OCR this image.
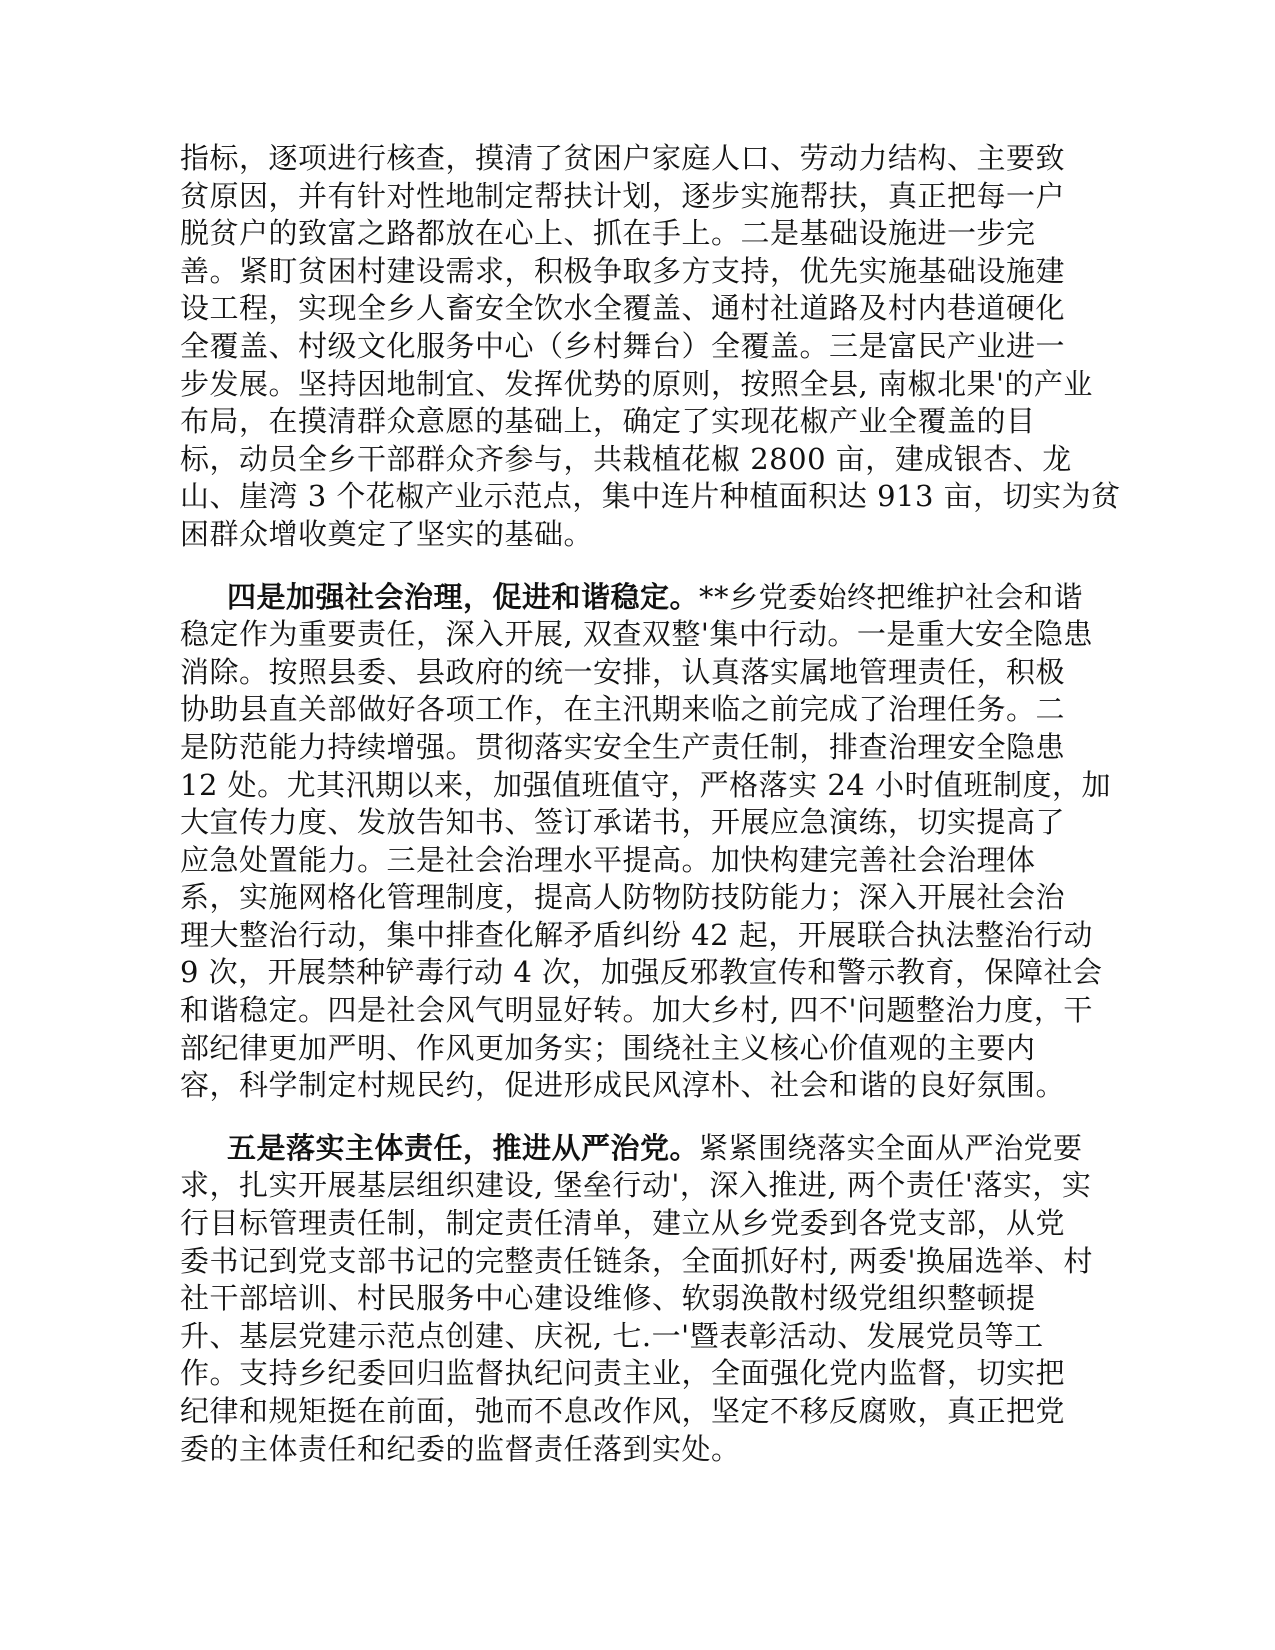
指标，逐项进行核查，摸清了贫困户家庭人口、劳动力结构、主要致
贫原因，并有针对性地制定帮扶计划，逐步实施帮扶，真正把每一户
脱贫户的致富之路都放在心上、抓在手上。二是基础设施进一步完
善。紧盯贫困村建设需求，积极争取多方支持，优先实施基础设施建
设工程，实现全乡人畜安全饮水全覆盖、通村社道路及村内巷道硬化
全覆盖、村级文化服务中心（乡村舞台）全覆盖。三是富民产业进一
步发展。坚持因地制宜、发挥优势的原则，按照全县, 南椒北果'的产业
布局，在摸清群众意愿的基础上，确定了实现花椒产业全覆盖的目
标，动员全乡干部群众齐参与，共栽植花椒 2800 亩，建成银杏、龙
山、崖湾 3 个花椒产业示范点，集中连片种植面积达 913 亩，切实为贫
困群众增收奠定了坚实的基础。

四是加强社会治理，促进和谐稳定。**乡党委始终把维护社会和谐
稳定作为重要责任，深入开展, 双查双整'集中行动。一是重大安全隐患
消除。按照县委、县政府的统一安排，认真落实属地管理责任，积极
协助县直关部做好各项工作，在主汛期来临之前完成了治理任务。二
是防范能力持续增强。贯彻落实安全生产责任制，排查治理安全隐患
12 处。尤其汛期以来，加强值班值守，严格落实 24 小时值班制度，加
大宣传力度、发放告知书、签订承诺书，开展应急演练，切实提高了
应急处置能力。三是社会治理水平提高。加快构建完善社会治理体
系，实施网格化管理制度，提高人防物防技防能力；深入开展社会治
理大整治行动，集中排查化解矛盾纠纷 42 起，开展联合执法整治行动
9 次，开展禁种铲毒行动 4 次，加强反邪教宣传和警示教育，保障社会
和谐稳定。四是社会风气明显好转。加大乡村, 四不'问题整治力度，干
部纪律更加严明、作风更加务实；围绕社主义核心价值观的主要内
容，科学制定村规民约，促进形成民风淳朴、社会和谐的良好氛围。

五是落实主体责任，推进从严治党。紧紧围绕落实全面从严治党要
求，扎实开展基层组织建设, 堡垒行动'，深入推进, 两个责任'落实，实
行目标管理责任制，制定责任清单，建立从乡党委到各党支部，从党
委书记到党支部书记的完整责任链条，全面抓好村, 两委'换届选举、村
社干部培训、村民服务中心建设维修、软弱涣散村级党组织整顿提
升、基层党建示范点创建、庆祝, 七.一'暨表彰活动、发展党员等工
作。支持乡纪委回归监督执纪问责主业，全面强化党内监督，切实把
纪律和规矩挺在前面，弛而不息改作风，坚定不移反腐败，真正把党
委的主体责任和纪委的监督责任落到实处。
